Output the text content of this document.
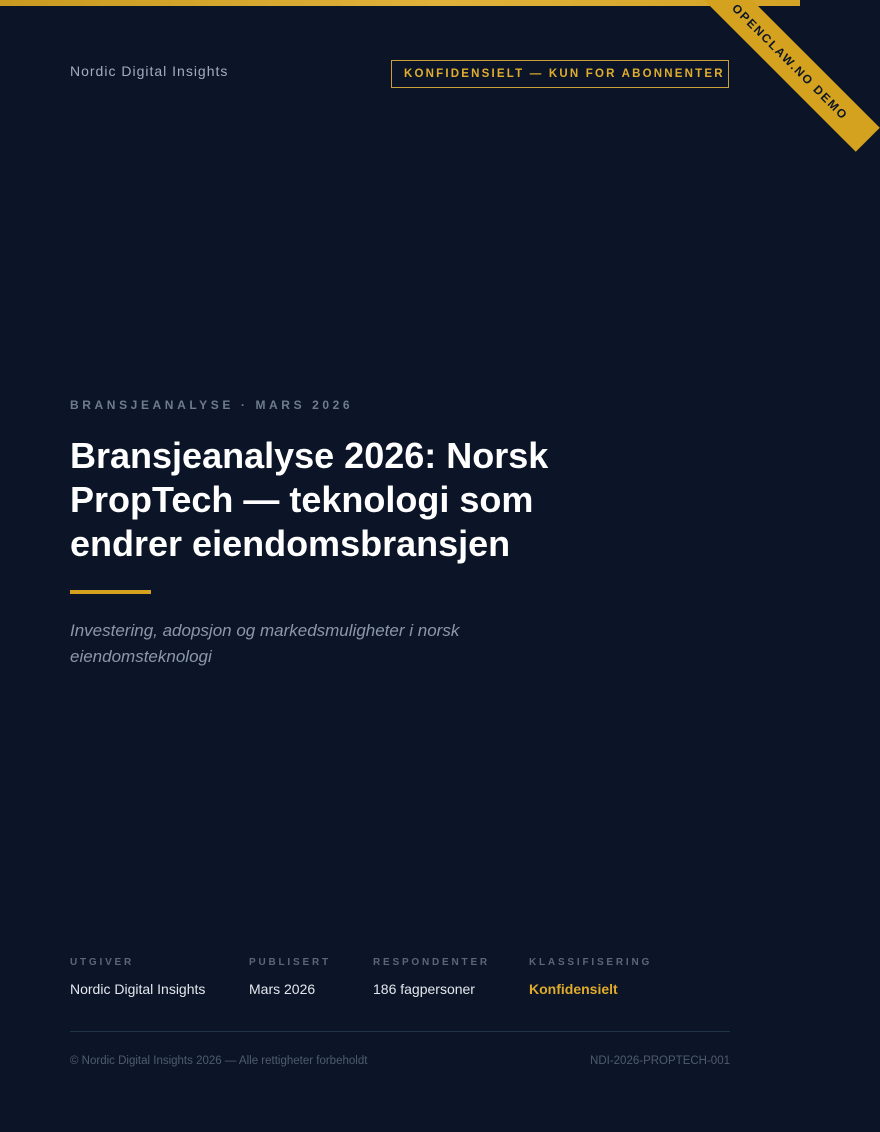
Nordic Digital Insights	KONFIDENSIELT — KUN FOR ABONNENTER OPENCLAW.NO DEMO
BRANSJEANALYSE · MARS 2026
Bransjeanalyse 2026: Norsk PropTech — teknologi som endrer eiendomsbransjen
Investering, adopsjon og markedsmuligheter i norsk eiendomsteknologi
UTGIVER
Nordic Digital Insights
PUBLISERT
Mars 2026
RESPONDENTER
186 fagpersoner
KLASSIFISERING
Konfidensielt
© Nordic Digital Insights 2026 — Alle rettigheter forbeholdt	NDI-2026-PROPTECH-001
